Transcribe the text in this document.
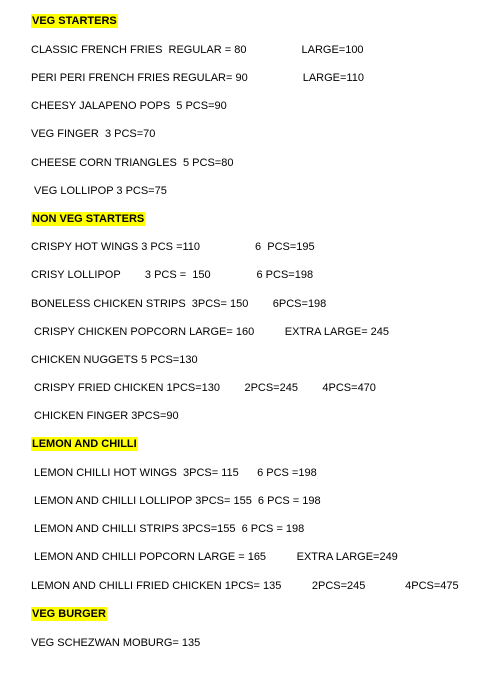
VEG STARTERS
CLASSIC FRENCH FRIES  REGULAR = 80                  LARGE=100
PERI PERI FRENCH FRIES REGULAR= 90                  LARGE=110
CHEESY JALAPENO POPS  5 PCS=90
VEG FINGER  3 PCS=70
CHEESE CORN TRIANGLES  5 PCS=80
VEG LOLLIPOP 3 PCS=75
NON VEG STARTERS
CRISPY HOT WINGS 3 PCS =110                  6  PCS=195
CRISY LOLLIPOP        3 PCS =  150               6 PCS=198
BONELESS CHICKEN STRIPS  3PCS= 150        6PCS=198
CRISPY CHICKEN POPCORN LARGE= 160          EXTRA LARGE= 245
CHICKEN NUGGETS 5 PCS=130
CRISPY FRIED CHICKEN 1PCS=130        2PCS=245        4PCS=470
CHICKEN FINGER 3PCS=90
LEMON AND CHILLI
LEMON CHILLI HOT WINGS  3PCS= 115      6 PCS =198
LEMON AND CHILLI LOLLIPOP 3PCS= 155  6 PCS = 198
LEMON AND CHILLI STRIPS 3PCS=155  6 PCS = 198
LEMON AND CHILLI POPCORN LARGE = 165          EXTRA LARGE=249
LEMON AND CHILLI FRIED CHICKEN 1PCS= 135          2PCS=245             4PCS=475
VEG BURGER
VEG SCHEZWAN MOBURG= 135
